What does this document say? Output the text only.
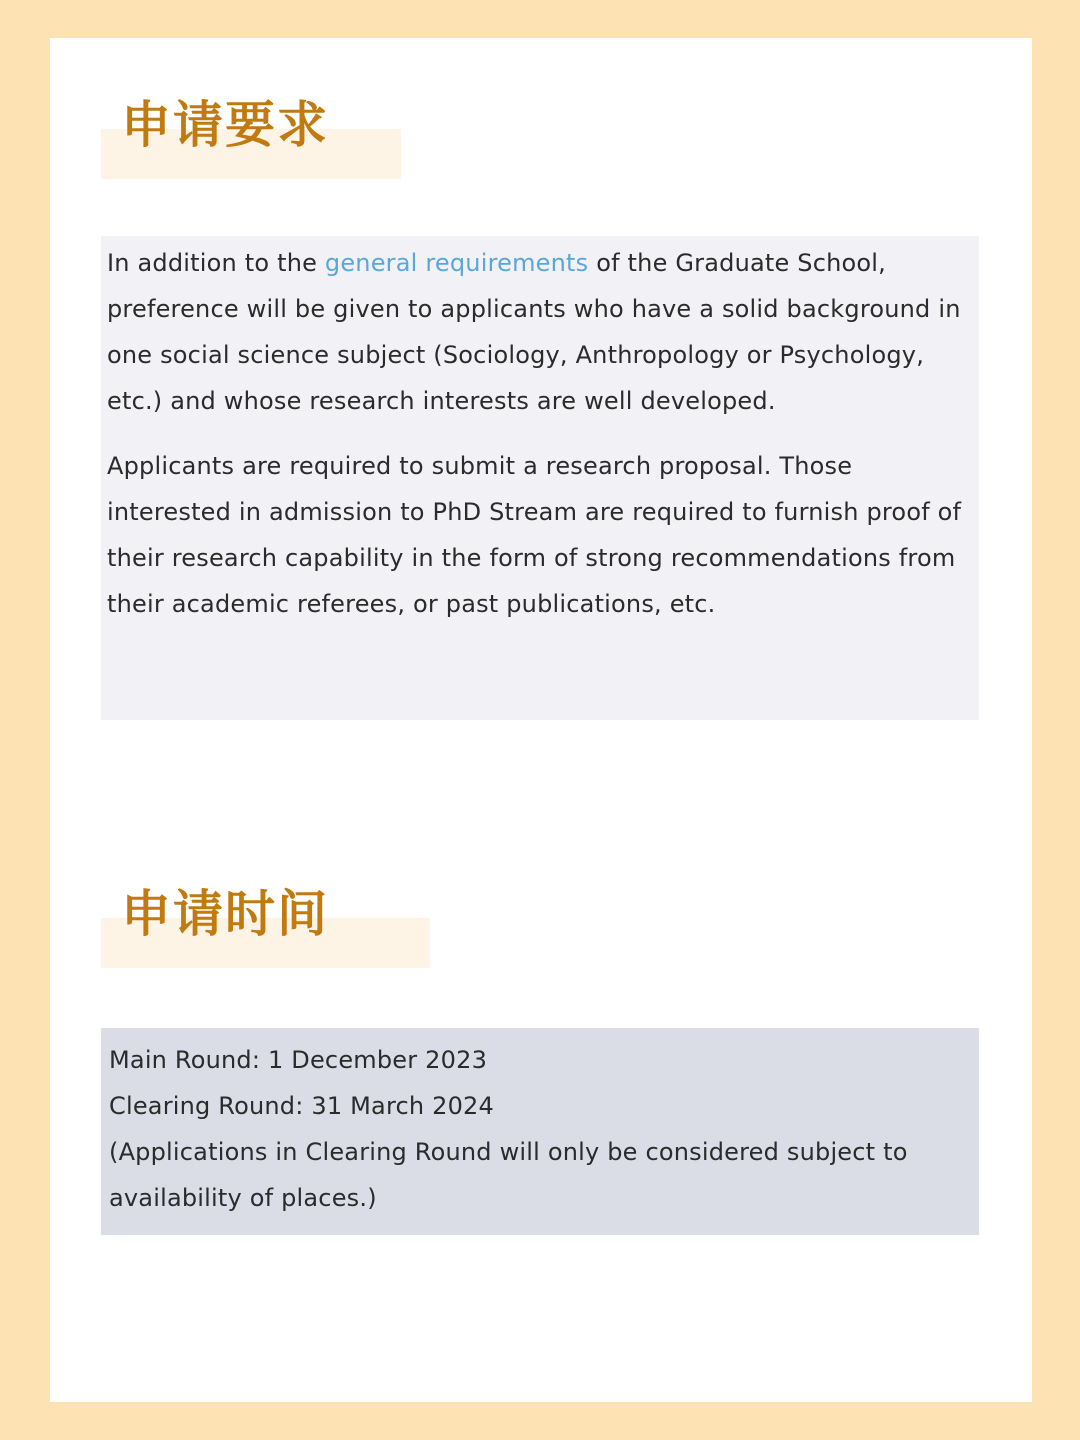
申请要求

In addition to the general requirements of the Graduate School, preference will be given to applicants who have a solid background in one social science subject (Sociology, Anthropology or Psychology, etc.) and whose research interests are well developed.

Applicants are required to submit a research proposal. Those interested in admission to PhD Stream are required to furnish proof of their research capability in the form of strong recommendations from their academic referees, or past publications, etc.

申请时间

Main Round: 1 December 2023

Clearing Round: 31 March 2024

(Applications in Clearing Round will only be considered subject to availability of places.)
